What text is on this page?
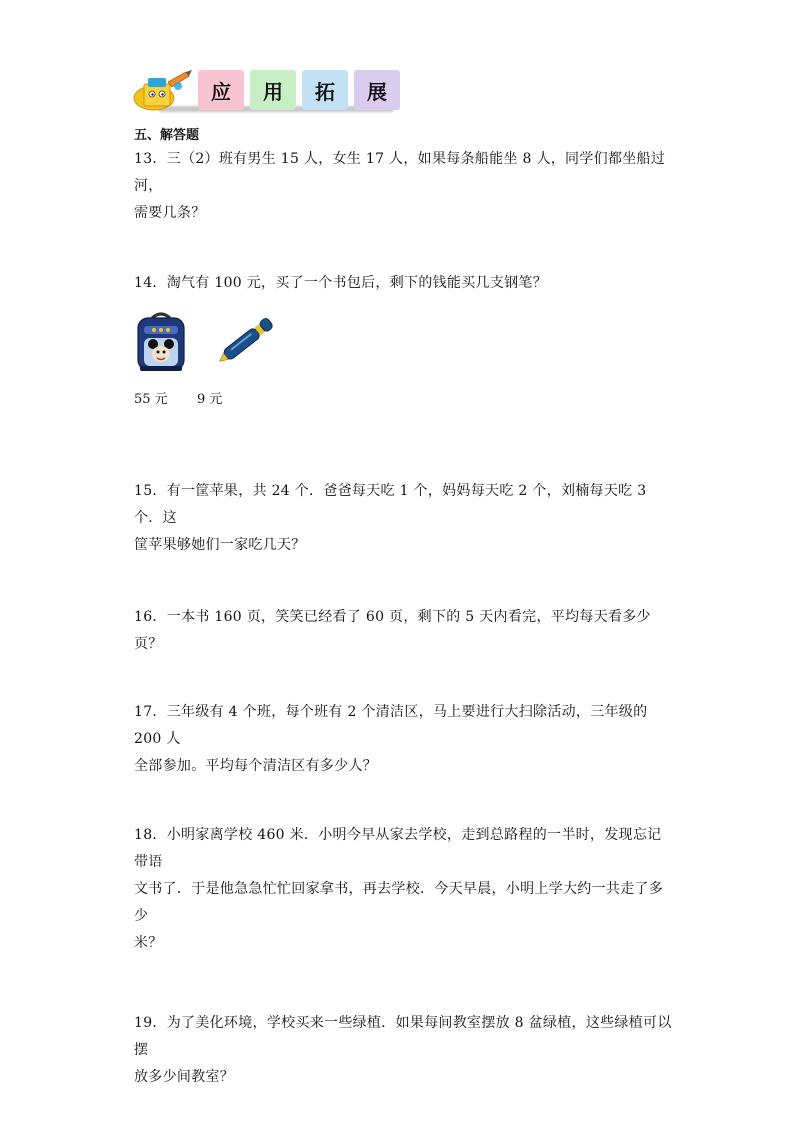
应	用	拓	展
五、解答题
13．三（2）班有男生 15 人，女生 17 人，如果每条船能坐 8 人，同学们都坐船过河，
需要几条？
14．淘气有 100 元，买了一个书包后，剩下的钱能买几支钢笔？
55 元 9 元
15．有一筐苹果，共 24 个．爸爸每天吃 1 个，妈妈每天吃 2 个，刘楠每天吃 3 个．这
筐苹果够她们一家吃几天？
16．一本书 160 页，笑笑已经看了 60 页，剩下的 5 天内看完，平均每天看多少页？
17．三年级有 4 个班，每个班有 2 个清洁区，马上要进行大扫除活动，三年级的 200 人
全部参加。平均每个清洁区有多少人？
18．小明家离学校 460 米．小明今早从家去学校，走到总路程的一半时，发现忘记带语
文书了．于是他急急忙忙回家拿书，再去学校．今天早晨，小明上学大约一共走了多少
米？
19．为了美化环境，学校买来一些绿植．如果每间教室摆放 8 盆绿植，这些绿植可以摆
放多少间教室？
